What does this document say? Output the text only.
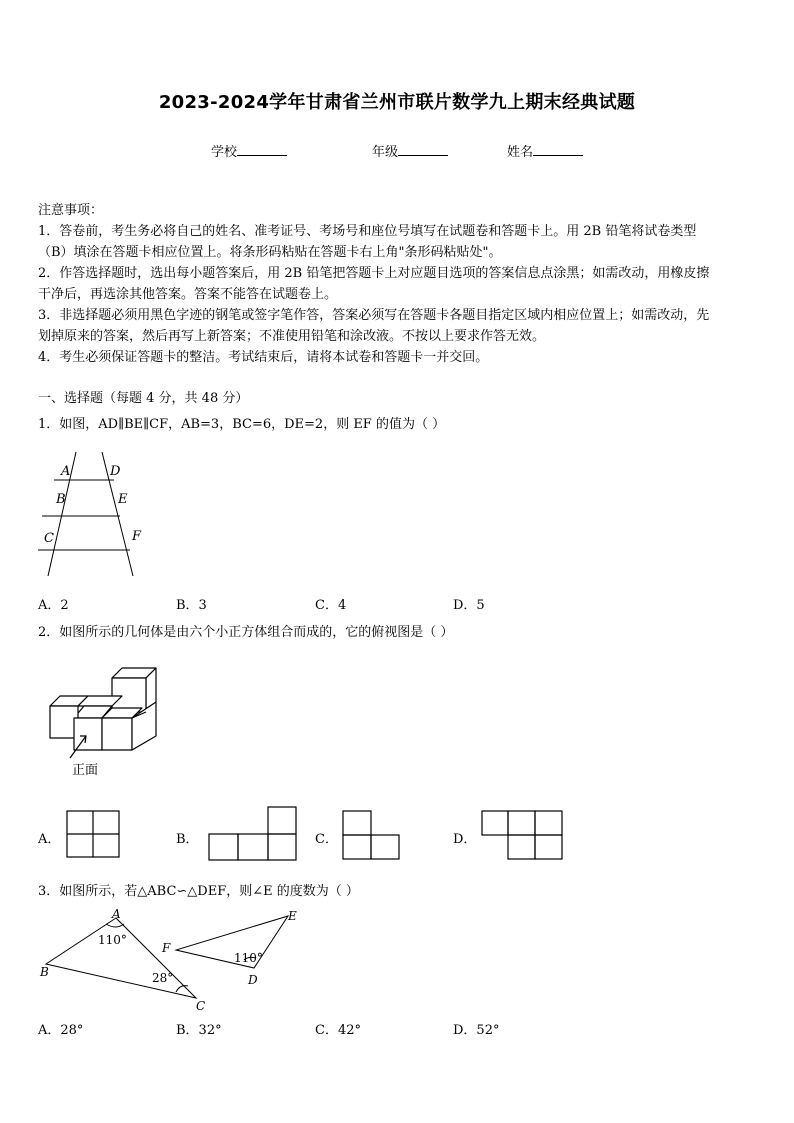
2023-2024学年甘肃省兰州市联片数学九上期末经典试题
学校	年级	姓名
注意事项：
1．答卷前，考生务必将自己的姓名、准考证号、考场号和座位号填写在试题卷和答题卡上。用 2B 铅笔将试卷类型
（B）填涂在答题卡相应位置上。将条形码粘贴在答题卡右上角"条形码粘贴处"。
2．作答选择题时，选出每小题答案后，用 2B 铅笔把答题卡上对应题目选项的答案信息点涂黑；如需改动，用橡皮擦
干净后，再选涂其他答案。答案不能答在试题卷上。
3．非选择题必须用黑色字迹的钢笔或签字笔作答，答案必须写在答题卡各题目指定区域内相应位置上；如需改动，先
划掉原来的答案，然后再写上新答案；不准使用铅笔和涂改液。不按以上要求作答无效。
4．考生必须保证答题卡的整洁。考试结束后，请将本试卷和答题卡一并交回。
一、选择题（每题 4 分，共 48 分）
1．如图，AD∥BE∥CF，AB=3，BC=6，DE=2，则 EF 的值为（ ）
A	D
B	E
C	F
A．2	B．3	C．4	D．5
2．如图所示的几何体是由六个小正方体组合而成的，它的俯视图是（ ）
正面
A．	B．	C．	D．
3．如图所示，若△ABC∽△DEF，则∠E 的度数为（ ）
A
B
C
D
E
F
110°
28°
110°
A．28°	B．32°	C．42°	D．52°
